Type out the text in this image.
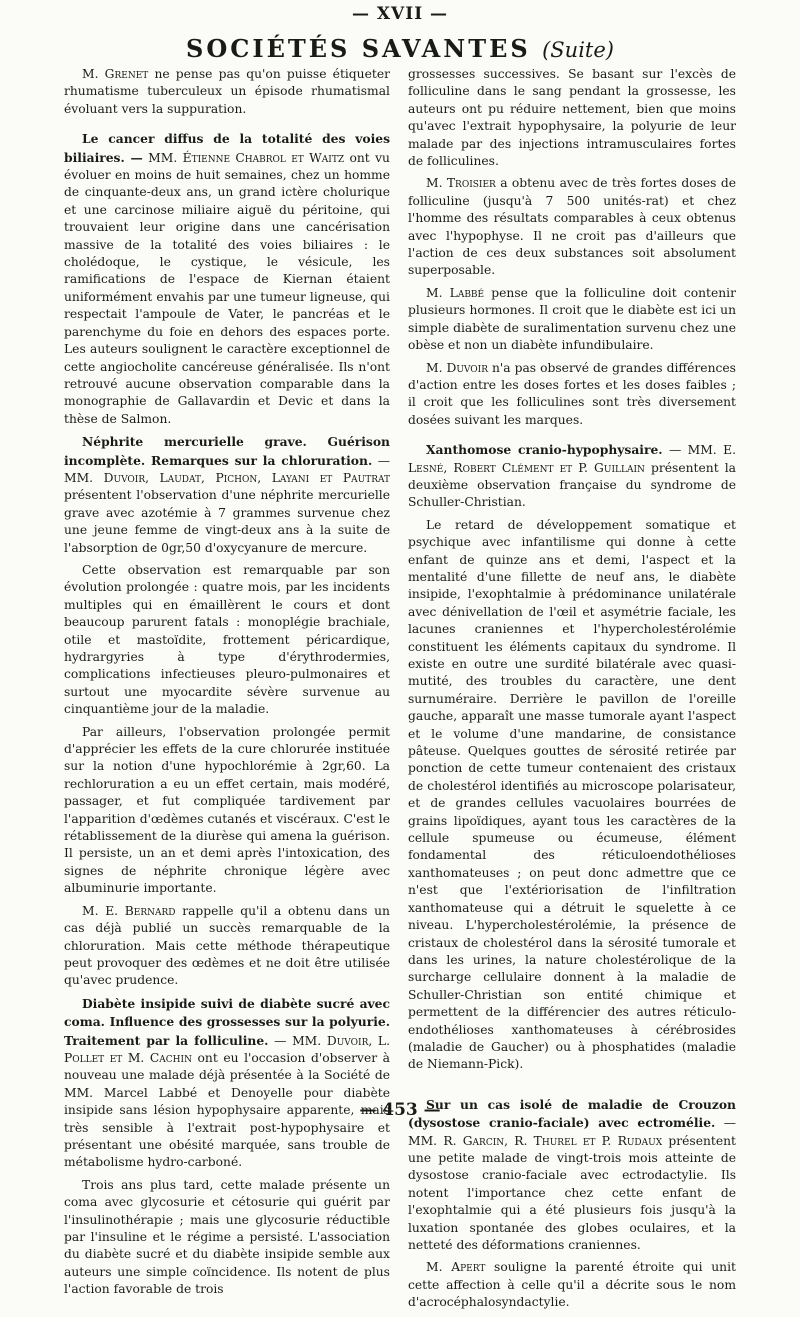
— XVII —
SOCIÉTÉS SAVANTES (Suite)

M. Grenet ne pense pas qu'on puisse étiqueter rhumatisme tuberculeux un épisode rhumatismal évoluant vers la suppuration.

Le cancer diffus de la totalité des voies biliaires. — MM. Étienne Chabrol et Waitz ont vu évoluer en moins de huit semaines, chez un homme de cinquante-deux ans, un grand ictère cholurique et une carcinose miliaire aiguë du péritoine, qui trouvaient leur origine dans une cancérisation massive de la totalité des voies biliaires : le cholédoque, le cystique, le vésicule, les ramifications de l'espace de Kiernan étaient uniformément envahis par une tumeur ligneuse, qui respectait l'ampoule de Vater, le pancréas et le parenchyme du foie en dehors des espaces porte. Les auteurs soulignent le caractère exceptionnel de cette angiocholite cancéreuse généralisée. Ils n'ont retrouvé aucune observation comparable dans la monographie de Gallavardin et Devic et dans la thèse de Salmon.

Néphrite mercurielle grave. Guérison incomplète. Remarques sur la chloruration. — MM. Duvoir, Laudat, Pichon, Layani et Pautrat présentent l'observation d'une néphrite mercurielle grave avec azotémie à 7 grammes survenue chez une jeune femme de vingt-deux ans à la suite de l'absorption de 0gr,50 d'oxycyanure de mercure.

Cette observation est remarquable par son évolution prolongée : quatre mois, par les incidents multiples qui en émaillèrent le cours et dont beaucoup parurent fatals : monoplégie brachiale, otile et mastoïdite, frottement péricardique, hydrargyries à type d'érythrodermies, complications infectieuses pleuro-pulmonaires et surtout une myocardite sévère survenue au cinquantième jour de la maladie.

Par ailleurs, l'observation prolongée permit d'apprécier les effets de la cure chlorurée instituée sur la notion d'une hypochlorémie à 2gr,60. La rechloruration a eu un effet certain, mais modéré, passager, et fut compliquée tardivement par l'apparition d'œdèmes cutanés et viscéraux. C'est le rétablissement de la diurèse qui amena la guérison. Il persiste, un an et demi après l'intoxication, des signes de néphrite chronique légère avec albuminurie importante.

M. E. Bernard rappelle qu'il a obtenu dans un cas déjà publié un succès remarquable de la chloruration. Mais cette méthode thérapeutique peut provoquer des œdèmes et ne doit être utilisée qu'avec prudence.

Diabète insipide suivi de diabète sucré avec coma. Influence des grossesses sur la polyurie. Traitement par la folliculine. — MM. Duvoir, L. Pollet et M. Cachin ont eu l'occasion d'observer à nouveau une malade déjà présentée à la Société de MM. Marcel Labbé et Denoyelle pour diabète insipide sans lésion hypophysaire apparente, mais très sensible à l'extrait post-hypophysaire et présentant une obésité marquée, sans trouble de métabolisme hydro-carboné.

Trois ans plus tard, cette malade présente un coma avec glycosurie et cétosurie qui guérit par l'insulinothérapie ; mais une glycosurie réductible par l'insuline et le régime a persisté. L'association du diabète sucré et du diabète insipide semble aux auteurs une simple coïncidence. Ils notent de plus l'action favorable de trois

grossesses successives. Se basant sur l'excès de folliculine dans le sang pendant la grossesse, les auteurs ont pu réduire nettement, bien que moins qu'avec l'extrait hypophysaire, la polyurie de leur malade par des injections intramusculaires fortes de folliculines.

M. Troisier a obtenu avec de très fortes doses de folliculine (jusqu'à 7 500 unités-rat) et chez l'homme des résultats comparables à ceux obtenus avec l'hypophyse. Il ne croit pas d'ailleurs que l'action de ces deux substances soit absolument superposable.

M. Labbé pense que la folliculine doit contenir plusieurs hormones. Il croit que le diabète est ici un simple diabète de suralimentation survenu chez une obèse et non un diabète infundibulaire.

M. Duvoir n'a pas observé de grandes différences d'action entre les doses fortes et les doses faibles ; il croit que les folliculines sont très diversement dosées suivant les marques.

Xanthomose cranio-hypophysaire. — MM. E. Lesné, Robert Clément et P. Guillain présentent la deuxième observation française du syndrome de Schuller-Christian.

Le retard de développement somatique et psychique avec infantilisme qui donne à cette enfant de quinze ans et demi, l'aspect et la mentalité d'une fillette de neuf ans, le diabète insipide, l'exophtalmie à prédominance unilatérale avec dénivellation de l'œil et asymétrie faciale, les lacunes craniennes et l'hypercholestérolémie constituent les éléments capitaux du syndrome. Il existe en outre une surdité bilatérale avec quasi-mutité, des troubles du caractère, une dent surnuméraire. Derrière le pavillon de l'oreille gauche, apparaît une masse tumorale ayant l'aspect et le volume d'une mandarine, de consistance pâteuse. Quelques gouttes de sérosité retirée par ponction de cette tumeur contenaient des cristaux de cholestérol identifiés au microscope polarisateur, et de grandes cellules vacuolaires bourrées de grains lipoïdiques, ayant tous les caractères de la cellule spumeuse ou écumeuse, élément fondamental des réticuloendothélioses xanthomateuses ; on peut donc admettre que ce n'est que l'extériorisation de l'infiltration xanthomateuse qui a détruit le squelette à ce niveau. L'hypercholestérolémie, la présence de cristaux de cholestérol dans la sérosité tumorale et dans les urines, la nature cholestérolique de la surcharge cellulaire donnent à la maladie de Schuller-Christian son entité chimique et permettent de la différencier des autres réticulo-endothélioses xanthomateuses à cérébrosides (maladie de Gaucher) ou à phosphatides (maladie de Niemann-Pick).

Sur un cas isolé de maladie de Crouzon (dysostose cranio-faciale) avec ectromélie. — MM. R. Garcin, R. Thurel et P. Rudaux présentent une petite malade de vingt-trois mois atteinte de dysostose cranio-faciale avec ectrodactylie. Ils notent l'importance chez cette enfant de l'exophtalmie qui a été plusieurs fois jusqu'à la luxation spontanée des globes oculaires, et la netteté des déformations craniennes.

M. Apert souligne la parenté étroite qui unit cette affection à celle qu'il a décrite sous le nom d'acrocéphalosyndactylie.

— 453 —
